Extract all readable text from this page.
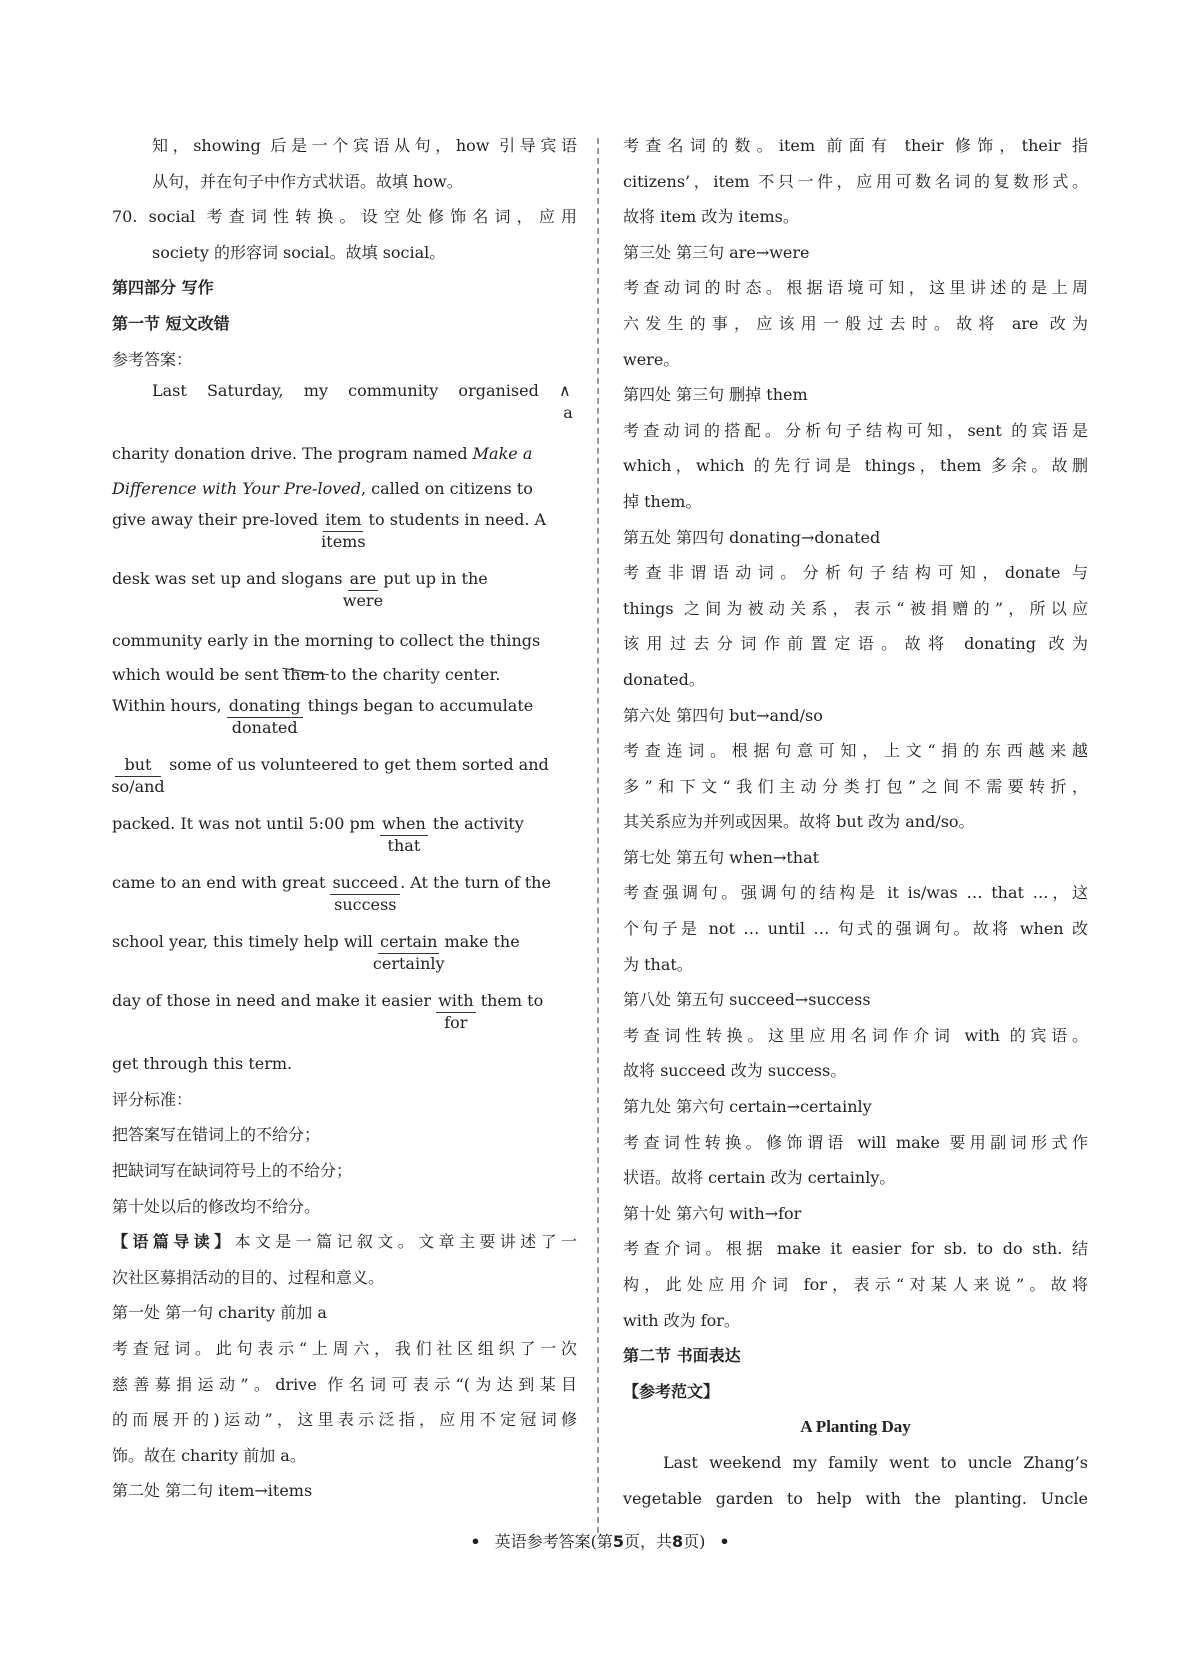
知，showing 后是一个宾语从句，how 引导宾语
从句，并在句子中作方式状语。故填 how。
70. social 考查词性转换。设空处修饰名词，应用
society 的形容词 social。故填 social。
第四部分 写作
第一节 短文改错
参考答案：
Last Saturday, my community organised ∧
a
charity donation drive. The program named Make a
Difference with Your Pre-loved, called on citizens to
give away their pre-loved item
items
to students in need. A
desk was set up and slogans are
were
put up in the
community early in the morning to collect the things
which would be sent them to the charity center.
Within hours, donating
donated
things began to accumulate
but
so/and
some of us volunteered to get them sorted and
packed. It was not until 5:00 pm when
that
the activity
came to an end with great succeed
success
. At the turn of the
school year, this timely help will certain
certainly
make the
day of those in need and make it easier with
for
them to
get through this term.
评分标准：
把答案写在错词上的不给分；
把缺词写在缺词符号上的不给分；
第十处以后的修改均不给分。
【语篇导读】本文是一篇记叙文。文章主要讲述了一
次社区募捐活动的目的、过程和意义。
第一处 第一句 charity 前加 a
考查冠词。此句表示“上周六，我们社区组织了一次
慈善募捐运动”。drive 作名词可表示“(为达到某目
的而展开的)运动”，这里表示泛指，应用不定冠词修
饰。故在 charity 前加 a。
第二处 第二句 item→items
考查名词的数。item 前面有 their 修饰，their 指
citizens’，item 不只一件，应用可数名词的复数形式。
故将 item 改为 items。
第三处 第三句 are→were
考查动词的时态。根据语境可知，这里讲述的是上周
六发生的事，应该用一般过去时。故将 are 改为
were。
第四处 第三句 删掉 them
考查动词的搭配。分析句子结构可知，sent 的宾语是
which，which 的先行词是 things，them 多余。故删
掉 them。
第五处 第四句 donating→donated
考查非谓语动词。分析句子结构可知，donate 与
things 之间为被动关系，表示“被捐赠的”，所以应
该用过去分词作前置定语。故将 donating 改为
donated。
第六处 第四句 but→and/so
考查连词。根据句意可知，上文“捐的东西越来越
多”和下文“我们主动分类打包”之间不需要转折，
其关系应为并列或因果。故将 but 改为 and/so。
第七处 第五句 when→that
考查强调句。强调句的结构是 it is/was … that …，这
个句子是 not … until … 句式的强调句。故将 when 改
为 that。
第八处 第五句 succeed→success
考查词性转换。这里应用名词作介词 with 的宾语。
故将 succeed 改为 success。
第九处 第六句 certain→certainly
考查词性转换。修饰谓语 will make 要用副词形式作
状语。故将 certain 改为 certainly。
第十处 第六句 with→for
考查介词。根据 make it easier for sb. to do sth. 结
构，此处应用介词 for，表示“对某人来说”。故将
with 改为 for。
第二节 书面表达
【参考范文】
A Planting Day
Last weekend my family went to uncle Zhang’s
vegetable garden to help with the planting. Uncle
• 英语参考答案(第5页，共8页) •
